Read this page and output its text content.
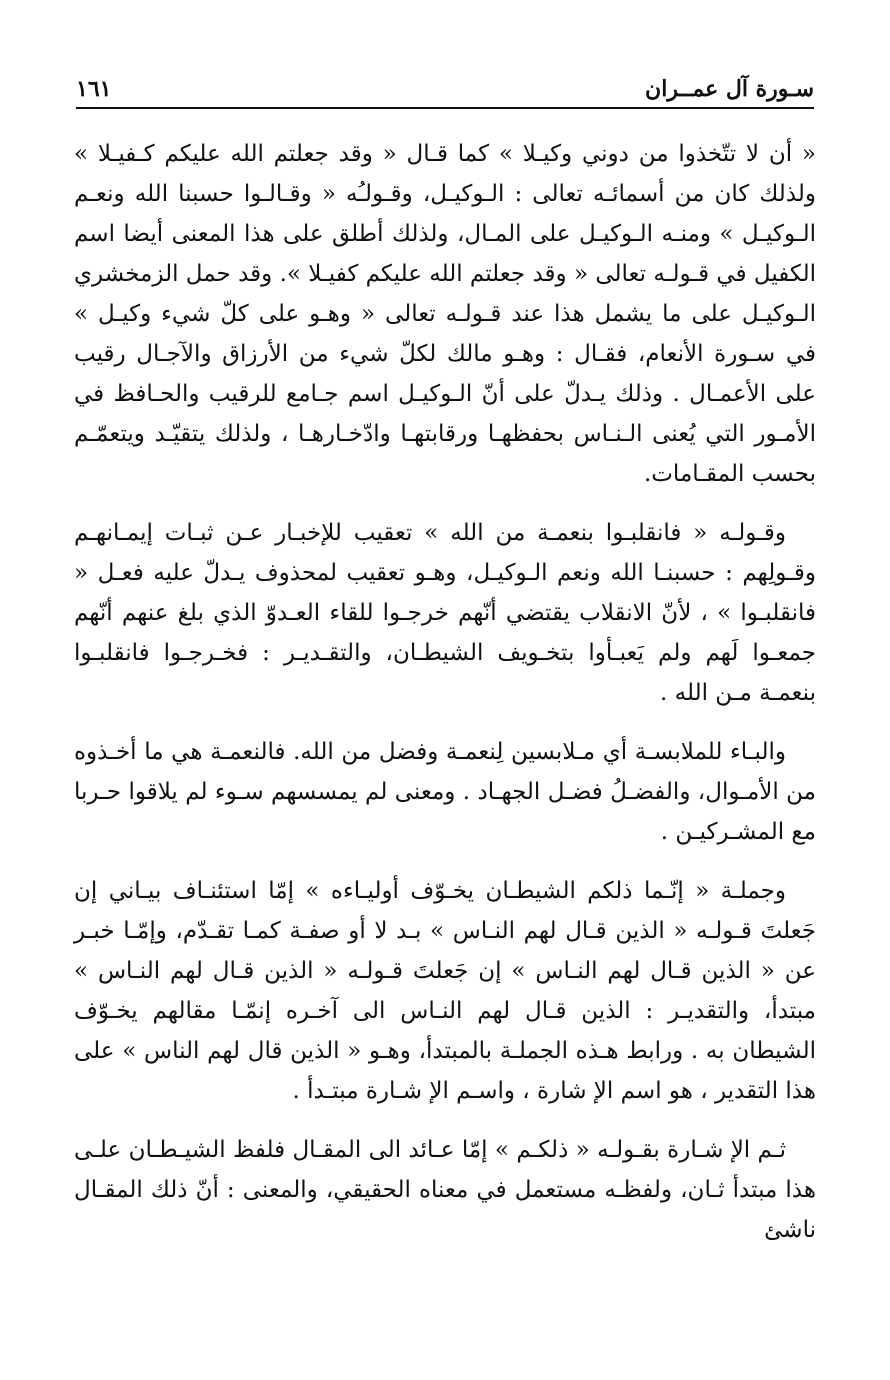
سـورة آل عمــران
١٦١

« أن لا تتّخذوا من دوني وكيـلا » كما قـال « وقد جعلتم الله عليكم كـفيـلا » ولذلك كان من أسمائـه تعالى : الـوكيـل، وقـولـُه « وقـالـوا حسبنا الله ونعـم الـوكيـل » ومنـه الـوكيـل على المـال، ولذلك أطلق على هذا المعنى أيضا اسم الكفيل في قـولـه تعالى « وقد جعلتم الله عليكم كفيـلا ». وقد حمل الزمخشري الـوكيـل على ما يشمل هذا عند قـولـه تعالى « وهـو على كلّ شيء وكيـل » في سـورة الأنعام، فقـال : وهـو مالك لكلّ شيء من الأرزاق والآجـال رقيب على الأعمـال . وذلك يـدلّ على أنّ الـوكيـل اسم جـامع للرقيب والحـافظ في الأمـور التي يُعنى الـنـاس بحفظهـا ورقابتهـا وادّخـارهـا ، ولذلك يتقيّـد ويتعمّـم بحسب المقـامات.

وقـولـه « فانقلبـوا بنعمـة من الله » تعقيب للإخبـار عـن ثبـات إيمـانهـم وقـولِهم : حسبنـا الله ونعم الـوكيـل، وهـو تعقيب لمحذوف يـدلّ عليه فعـل « فانقلبـوا » ، لأنّ الانقلاب يقتضي أنّهم خرجـوا للقاء العـدوّ الذي بلغ عنهم أنّهم جمعـوا لَهم ولم يَعبـأوا بتخـويف الشيطـان، والتقـديـر : فخـرجـوا فانقلبـوا بنعمـة مـن الله .

والبـاء للملابسـة أي مـلابسين لِنعمـة وفضل من الله. فالنعمـة هي ما أخـذوه من الأمـوال، والفضـلُ فضـل الجهـاد . ومعنى لم يمسسهم سـوء لم يلاقوا حـربا مع المشـركيـن .

وجملـة « إنّـما ذلكم الشيطـان يخـوّف أوليـاءه » إمّا استئنـاف بيـاني إن جَعلتَ قـولـه « الذين قـال لهم النـاس » بـد لا أو صفـة كمـا تقـدّم، وإمّـا خبـر عن « الذين قـال لهم النـاس » إن جَعلتَ قـولـه « الذين قـال لهم النـاس » مبتدأ، والتقديـر : الذين قـال لهم النـاس الى آخـره إنمّـا مقالهم يخـوّف الشيطان به . ورابط هـذه الجملـة بالمبتدأ، وهـو « الذين قال لهم الناس » على هذا التقدير ، هو اسم الإ شارة ، واسـم الإ شـارة مبتـدأ .

ثـم الإ شـارة بقـولـه « ذلكـم » إمّا عـائد الى المقـال فلفظ الشيـطـان علـى هذا مبتدأ ثـان، ولفظـه مستعمل في معناه الحقيقي، والمعنى : أنّ ذلك المقـال ناشئ
